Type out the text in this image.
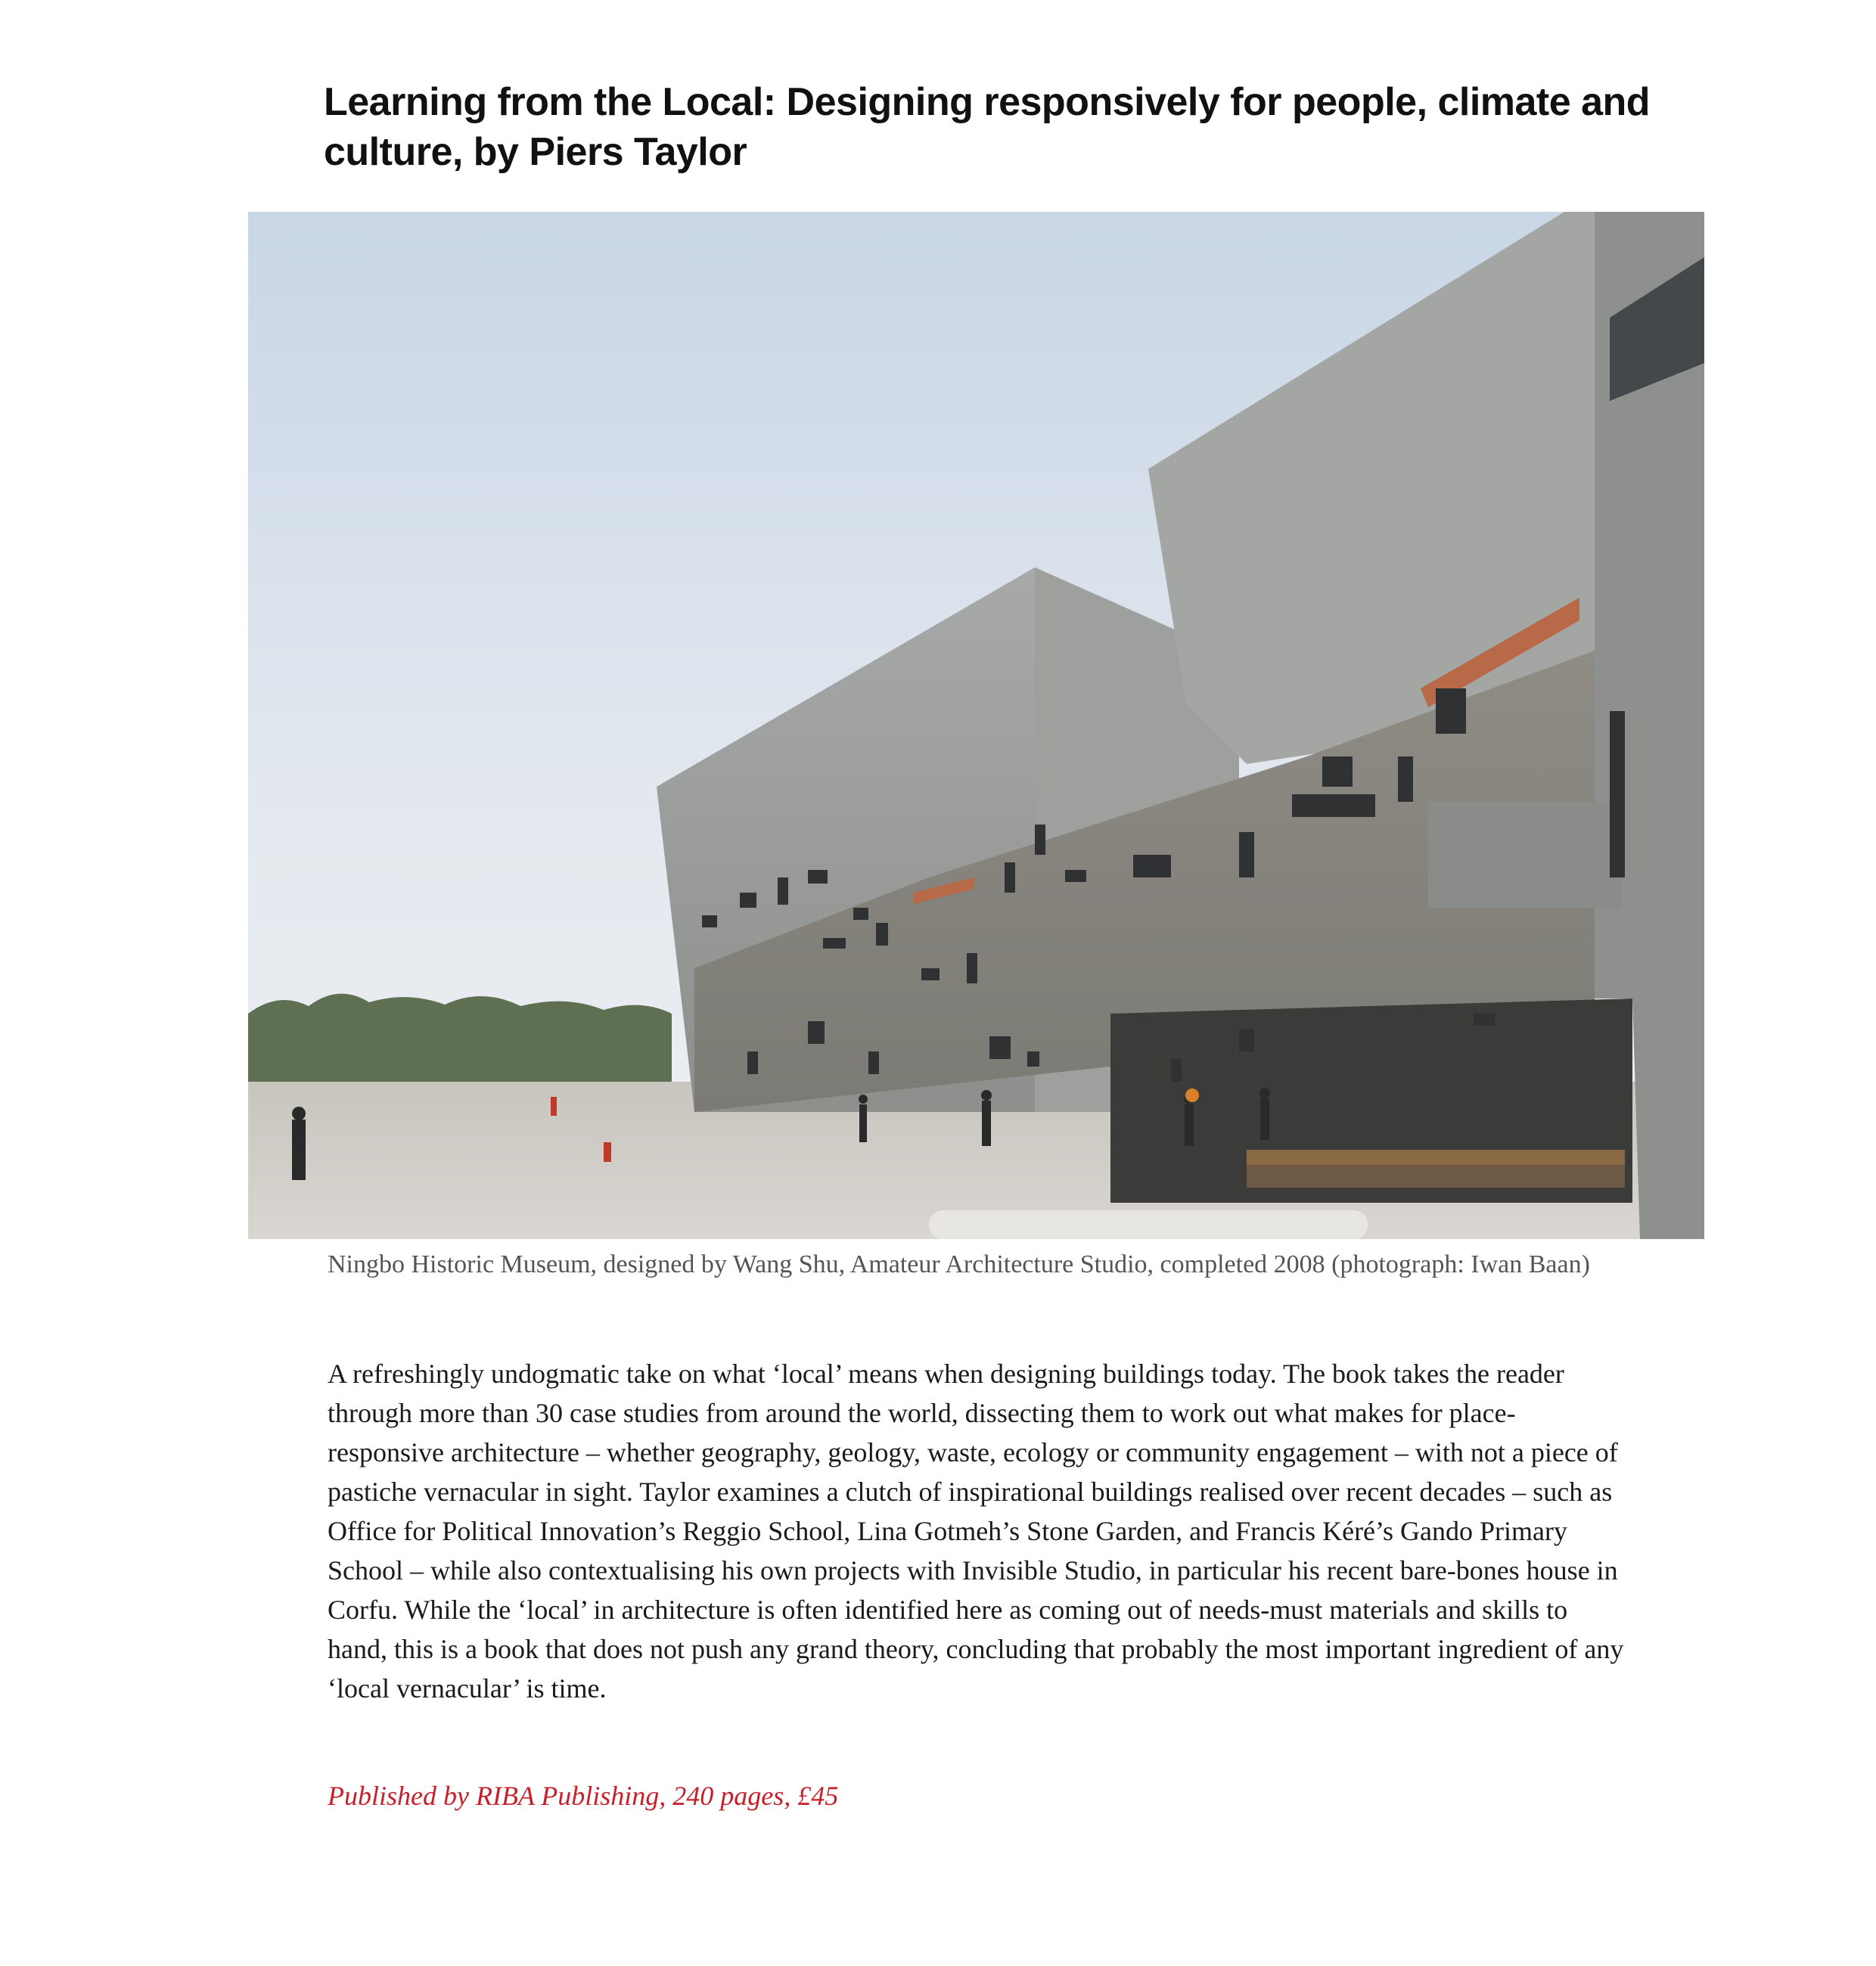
Learning from the Local: Designing responsively for people, climate and culture, by Piers Taylor

Ningbo Historic Museum, designed by Wang Shu, Amateur Architecture Studio, completed 2008 (photograph: Iwan Baan)

A refreshingly undogmatic take on what ‘local’ means when designing buildings today. The book takes the reader through more than 30 case studies from around the world, dissecting them to work out what makes for place-responsive architecture – whether geography, geology, waste, ecology or community engagement – with not a piece of pastiche vernacular in sight. Taylor examines a clutch of inspirational buildings realised over recent decades – such as Office for Political Innovation’s Reggio School, Lina Gotmeh’s Stone Garden, and Francis Kéré’s Gando Primary School – while also contextualising his own projects with Invisible Studio, in particular his recent bare-bones house in Corfu. While the ‘local’ in architecture is often identified here as coming out of needs-must materials and skills to hand, this is a book that does not push any grand theory, concluding that probably the most important ingredient of any ‘local vernacular’ is time.

Published by RIBA Publishing, 240 pages, £45
